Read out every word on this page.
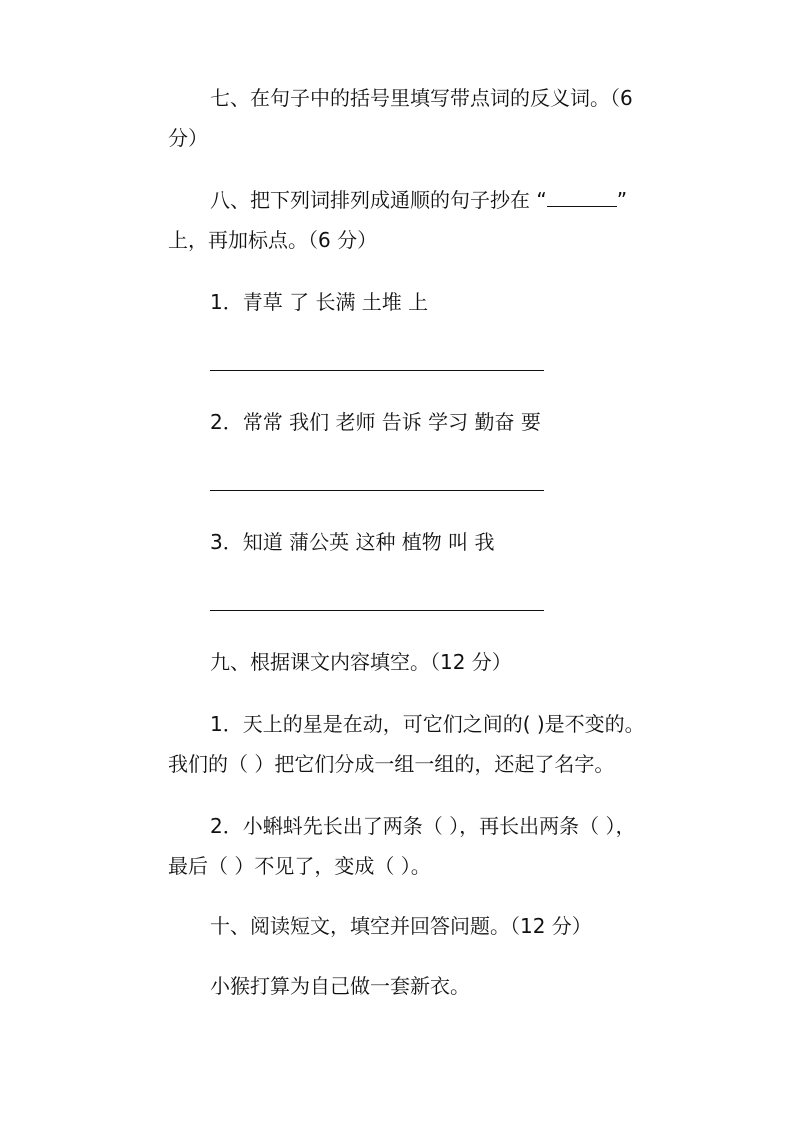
七、在句子中的括号里填写带点词的反义词。（6
分）
八、把下列词排列成通顺的句子抄在 “	”
上，再加标点。（6 分）
1．青草 了 长满 土堆 上
2．常常 我们 老师 告诉 学习 勤奋 要
3．知道 蒲公英 这种 植物 叫 我
九、根据课文内容填空。（12 分）
1．天上的星是在动，可它们之间的( )是不变的。
我们的（ ）把它们分成一组一组的，还起了名字。
2．小蝌蚪先长出了两条（ ），再长出两条（ ），
最后（ ）不见了，变成（ ）。
十、阅读短文，填空并回答问题。（12 分）
小猴打算为自己做一套新衣。
